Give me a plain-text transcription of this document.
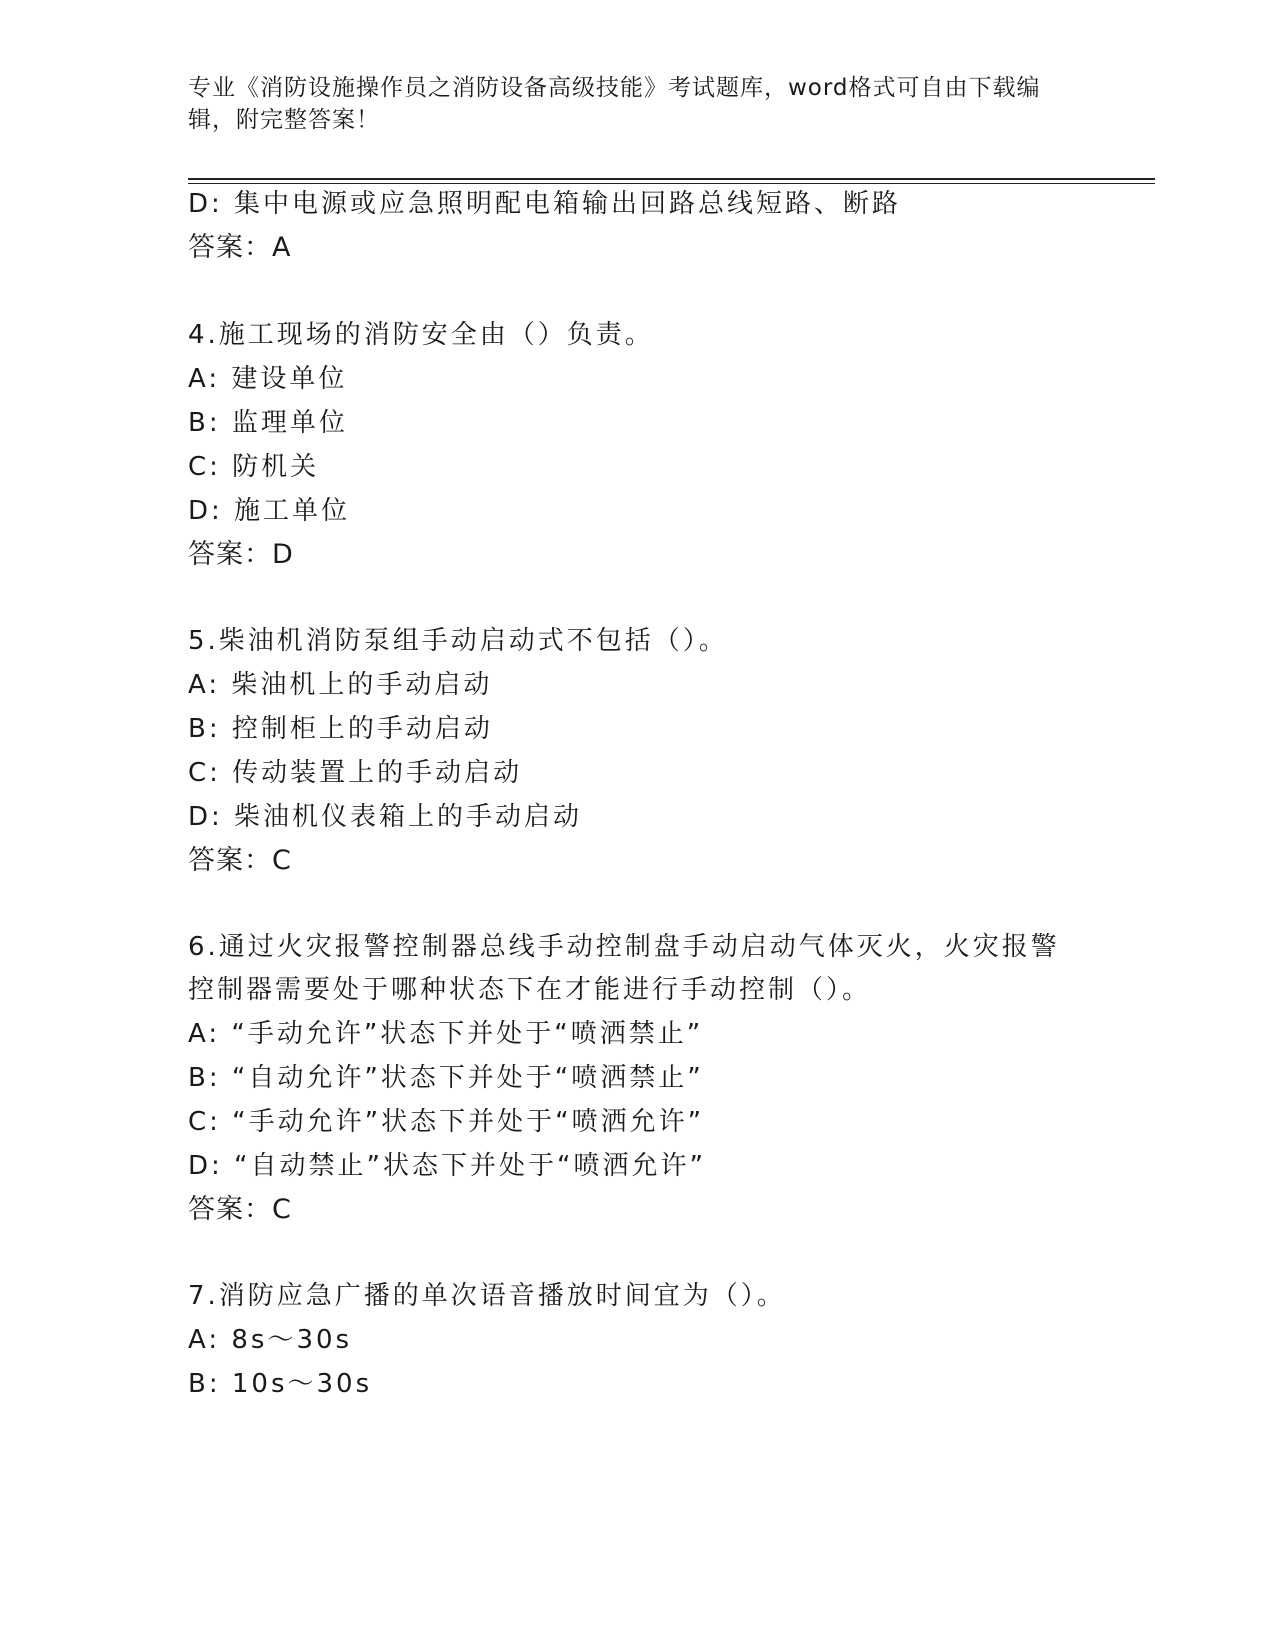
专业《消防设施操作员之消防设备高级技能》考试题库，word格式可自由下载编
辑，附完整答案！
D: 集中电源或应急照明配电箱输出回路总线短路、断路
答案：A
4.施工现场的消防安全由（）负责。
A: 建设单位
B: 监理单位
C: 防机关
D: 施工单位
答案：D
5.柴油机消防泵组手动启动式不包括（）。
A: 柴油机上的手动启动
B: 控制柜上的手动启动
C: 传动装置上的手动启动
D: 柴油机仪表箱上的手动启动
答案：C
6.通过火灾报警控制器总线手动控制盘手动启动气体灭火，火灾报警
控制器需要处于哪种状态下在才能进行手动控制（）。
A: “手动允许”状态下并处于“喷洒禁止”
B: “自动允许”状态下并处于“喷洒禁止”
C: “手动允许”状态下并处于“喷洒允许”
D: “自动禁止”状态下并处于“喷洒允许”
答案：C
7.消防应急广播的单次语音播放时间宜为（）。
A: 8s～30s
B: 10s～30s
